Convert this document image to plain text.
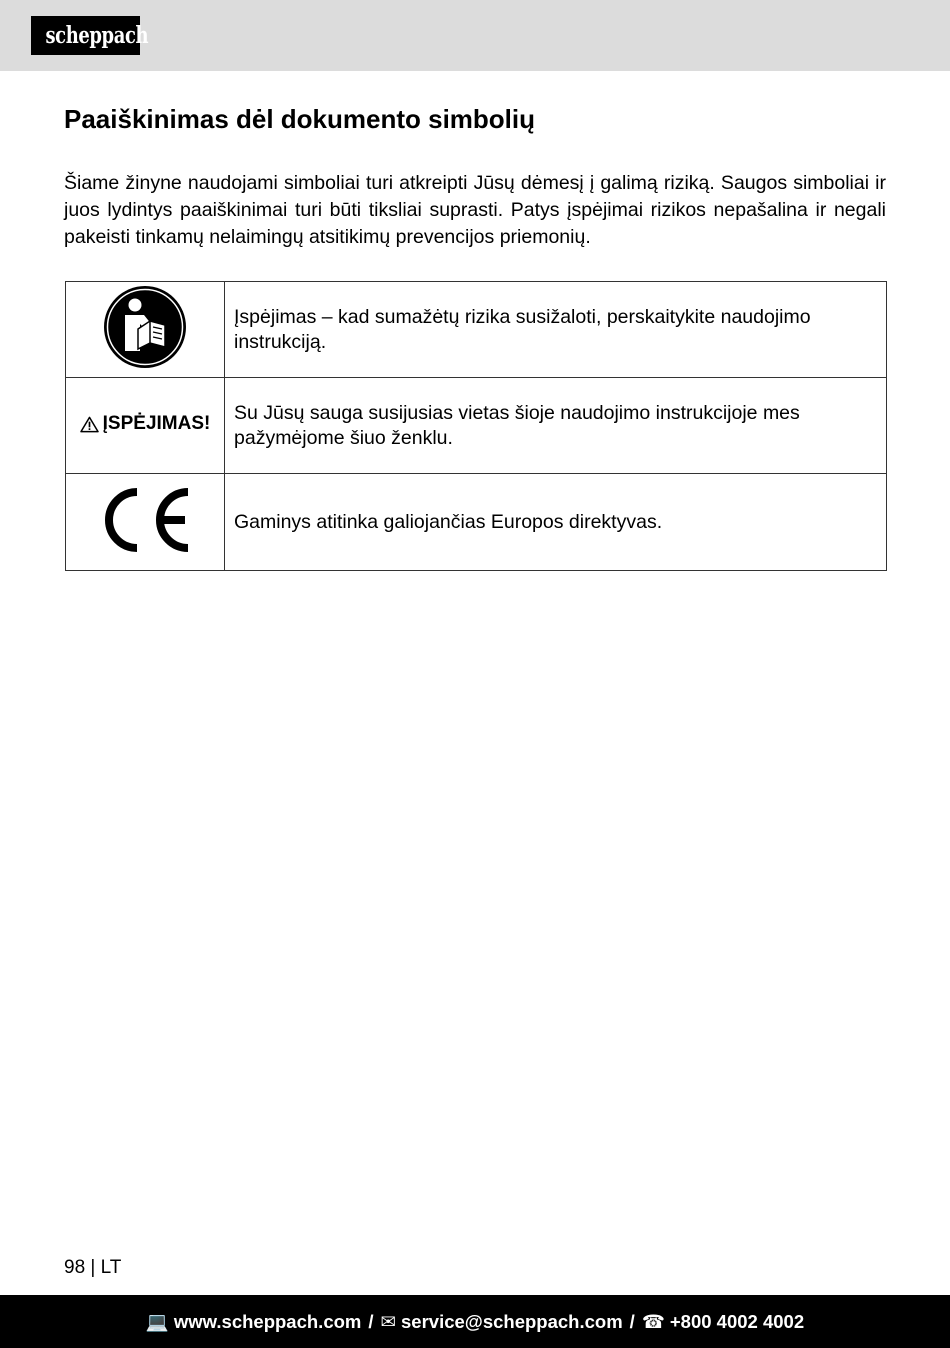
scheppach
Paaiškinimas dėl dokumento simbolių

Šiame žinyne naudojami simboliai turi atkreipti Jūsų dėmesį į galimą riziką. Saugos simboliai ir juos lydintys paaiškinimai turi būti tiksliai suprasti. Patys įspėjimai rizikos nepašalina ir negali pakeisti tinkamų nelaimingų atsitikimų prevencijos priemonių.

	Įspėjimas – kad sumažėtų rizika susižaloti, perskaitykite naudojimo instrukciją.

ĮSPĖJIMAS!	Su Jūsų sauga susijusias vietas šioje naudojimo instrukcijoje mes pažymėjome šiuo ženklu.
	Gaminys atitinka galiojančias Europos direktyvas.
98 | LT
💻 www.scheppach.com / ✉ service@scheppach.com / ☎ +800 4002 4002
